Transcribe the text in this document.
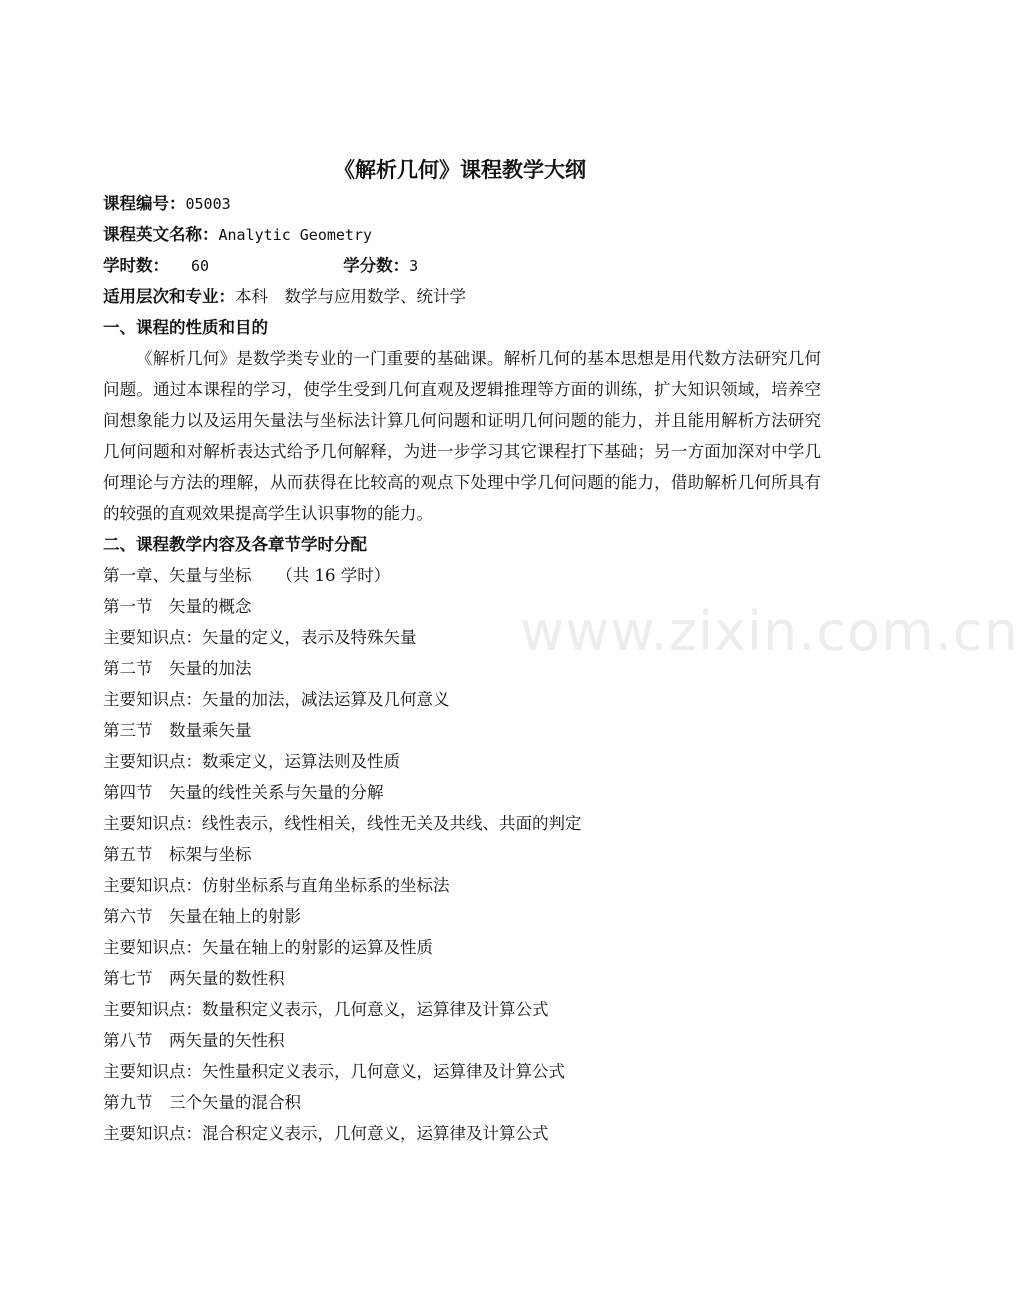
《解析几何》课程教学大纲
课程编号：05003
课程英文名称：Analytic Geometry
学时数： 60	学分数：3
适用层次和专业：本科　数学与应用数学、统计学
一、课程的性质和目的
《解析几何》是数学类专业的一门重要的基础课。解析几何的基本思想是用代数方法研究几何问题。通过本课程的学习，使学生受到几何直观及逻辑推理等方面的训练，扩大知识领域，培养空间想象能力以及运用矢量法与坐标法计算几何问题和证明几何问题的能力，并且能用解析方法研究几何问题和对解析表达式给予几何解释，为进一步学习其它课程打下基础；另一方面加深对中学几何理论与方法的理解，从而获得在比较高的观点下处理中学几何问题的能力，借助解析几何所具有的较强的直观效果提高学生认识事物的能力。
二、课程教学内容及各章节学时分配
第一章、矢量与坐标　　（共 16 学时）
第一节　矢量的概念
主要知识点：矢量的定义，表示及特殊矢量
第二节　矢量的加法
主要知识点：矢量的加法，减法运算及几何意义
第三节　数量乘矢量
主要知识点：数乘定义，运算法则及性质
第四节　矢量的线性关系与矢量的分解
主要知识点：线性表示，线性相关，线性无关及共线、共面的判定
第五节　标架与坐标
主要知识点：仿射坐标系与直角坐标系的坐标法
第六节　矢量在轴上的射影
主要知识点：矢量在轴上的射影的运算及性质
第七节　两矢量的数性积
主要知识点：数量积定义表示，几何意义，运算律及计算公式
第八节　两矢量的矢性积
主要知识点：矢性量积定义表示，几何意义，运算律及计算公式
第九节　三个矢量的混合积
主要知识点：混合积定义表示，几何意义，运算律及计算公式
www.zixin.com.cn
